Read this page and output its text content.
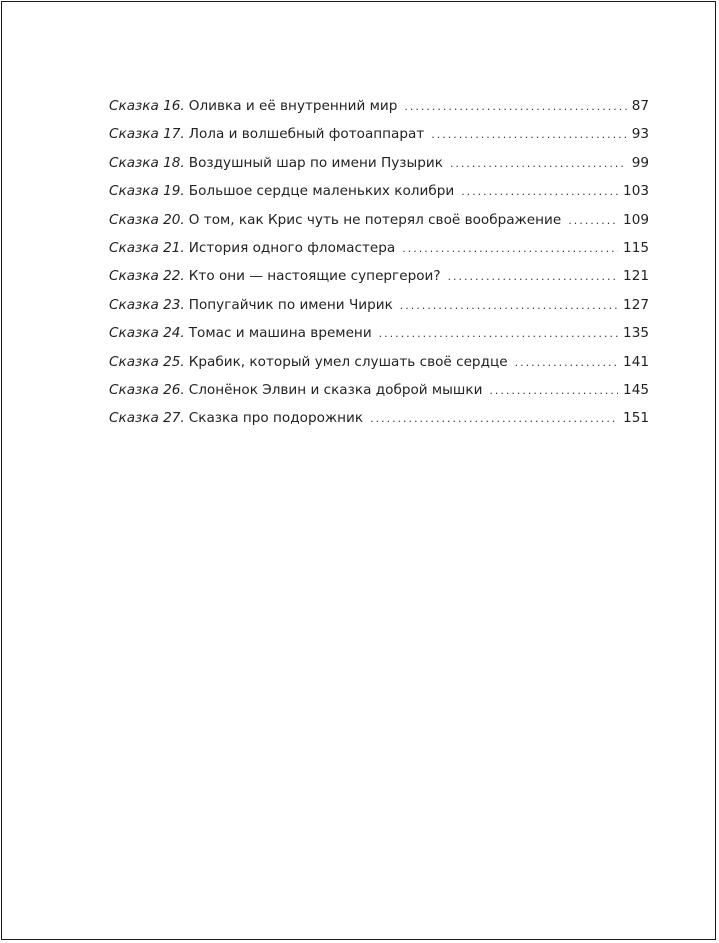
Сказка 16. Оливка и её внутренний мир .....	87
Сказка 17. Лола и волшебный фотоаппарат .....	93
Сказка 18. Воздушный шар по имени Пузырик .....	99
Сказка 19. Большое сердце маленьких колибри .....	103
Сказка 20. О том, как Крис чуть не потерял своё воображение .....	109
Сказка 21. История одного фломастера .....	115
Сказка 22. Кто они — настоящие супергерои? .....	121
Сказка 23. Попугайчик по имени Чирик .....	127
Сказка 24. Томас и машина времени .....	135
Сказка 25. Крабик, который умел слушать своё сердце .....	141
Сказка 26. Слонёнок Элвин и сказка доброй мышки .....	145
Сказка 27. Сказка про подорожник .....	151
